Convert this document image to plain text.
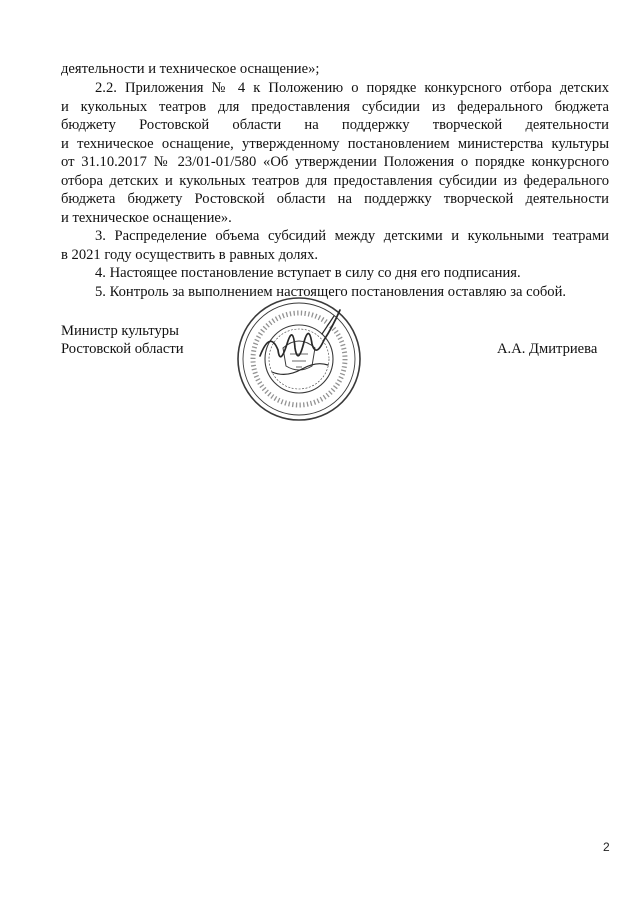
деятельности и техническое оснащение»;
2.2. Приложения № 4 к Положению о порядке конкурсного отбора детских
и кукольных театров для предоставления субсидии из федерального бюджета
бюджету Ростовской области на поддержку творческой деятельности
и техническое оснащение, утвержденному постановлением министерства культуры
от 31.10.2017 № 23/01-01/580 «Об утверждении Положения о порядке конкурсного
отбора детских и кукольных театров для предоставления субсидии из федерального
бюджета бюджету Ростовской области на поддержку творческой деятельности
и техническое оснащение».
3. Распределение объема субсидий между детскими и кукольными театрами
в 2021 году осуществить в равных долях.
4. Настоящее постановление вступает в силу со дня его подписания.
5. Контроль за выполнением настоящего постановления оставляю за собой.
Министр культуры
Ростовской области	А.А. Дмитриева
2
